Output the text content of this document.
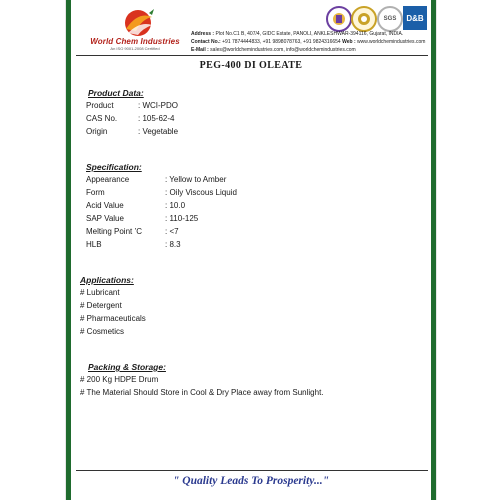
World Chem Industries
An ISO 9001-2008 Certified
SGS	D&B
Address : Plot No.C1 B, 407/4, GIDC Estate, PANOLI, ANKLESHWAR-394116, Gujarat, INDIA.
Contact No.: +91 7874444833, +91 9898078763, +91 9824316654 Web : www.worldchemindustries.com
E-Mail : sales@worldchemindustries.com, info@worldchemindustries.com
PEG-400 DI OLEATE
Product Data:
Product	: WCI-PDO
CAS No.	: 105-62-4
Origin	: Vegetable
Specification:
Appearance	: Yellow to Amber
Form	: Oily Viscous Liquid
Acid Value	: 10.0
SAP Value	: 110-125
Melting Point ’C	: <7
HLB	: 8.3
Applications:
# Lubricant
# Detergent
# Pharmaceuticals
# Cosmetics
Packing & Storage:
# 200 Kg HDPE Drum
# The Material Should Store in Cool & Dry Place away from Sunlight.
" Quality Leads To Prosperity..."
